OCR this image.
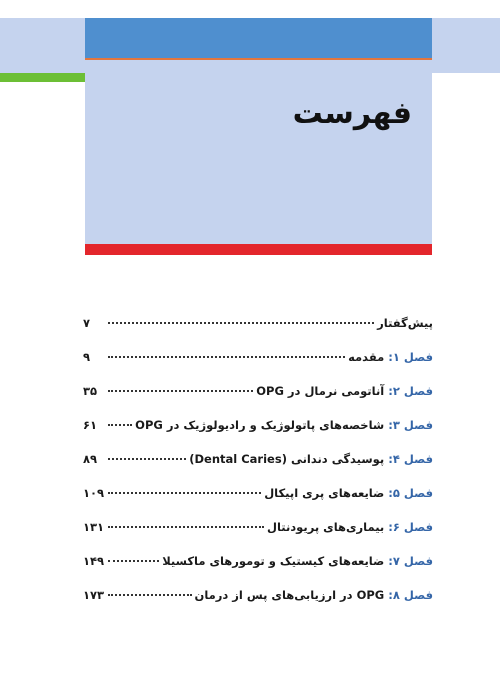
فهرست
پیش‌گفتار
۷
فصل ۱:
مقدمه
۹
فصل ۲:
آناتومی نرمال در OPG
۳۵
فصل ۳:
شاخصه‌های پاتولوژیک و رادیولوژیک در OPG
۶۱
فصل ۴:
پوسیدگی دندانی (Dental Caries)
۸۹
فصل ۵:
ضایعه‌های پری اپیکال
۱۰۹
فصل ۶:
بیماری‌های پریودنتال
۱۳۱
فصل ۷:
ضایعه‌های کیستیک و تومورهای ماکسیلا
۱۴۹
فصل ۸:
OPG در ارزیابی‌های پس از درمان
۱۷۳
